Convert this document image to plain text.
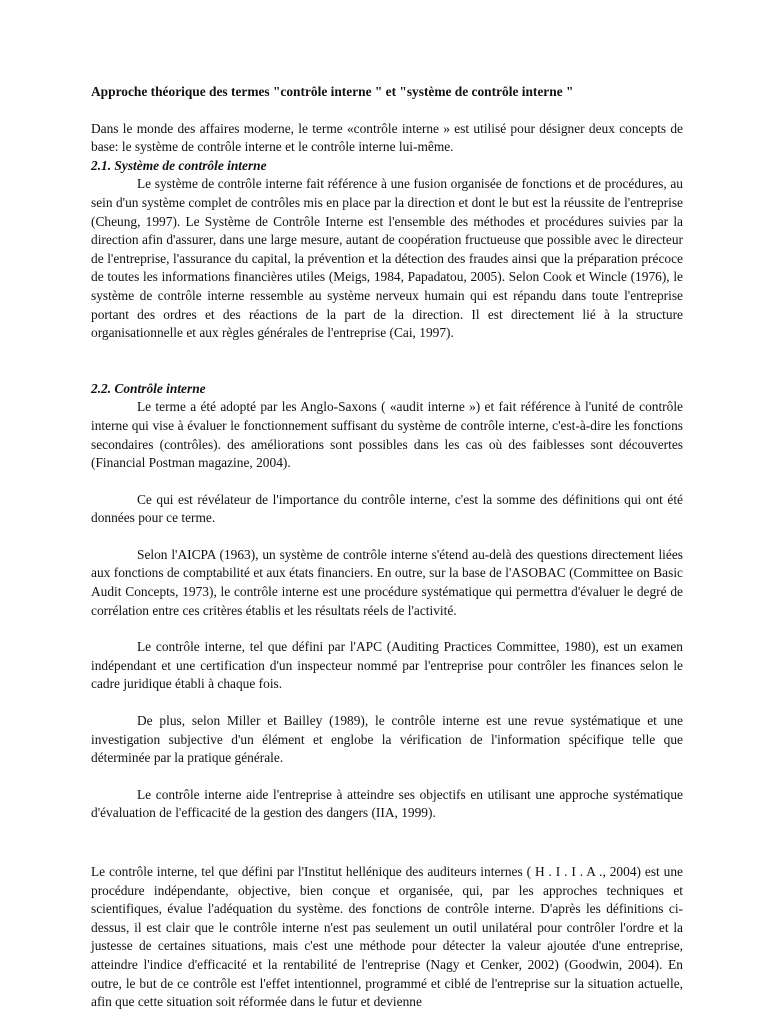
Approche théorique des termes "contrôle interne " et "système de contrôle interne "

Dans le monde des affaires moderne, le terme «contrôle interne » est utilisé pour désigner deux concepts de base: le système de contrôle interne et le contrôle interne lui-même.

2.1. Système de contrôle interne

Le système de contrôle interne fait référence à une fusion organisée de fonctions et de procédures, au sein d'un système complet de contrôles mis en place par la direction et dont le but est la réussite de l'entreprise (Cheung, 1997). Le Système de Contrôle Interne est l'ensemble des méthodes et procédures suivies par la direction afin d'assurer, dans une large mesure, autant de coopération fructueuse que possible avec le directeur de l'entreprise, l'assurance du capital, la prévention et la détection des fraudes ainsi que la préparation précoce de toutes les informations financières utiles (Meigs, 1984, Papadatou, 2005). Selon Cook et Wincle (1976), le système de contrôle interne ressemble au système nerveux humain qui est répandu dans toute l'entreprise portant des ordres et des réactions de la part de la direction. Il est directement lié à la structure organisationnelle et aux règles générales de l'entreprise (Cai, 1997).

2.2. Contrôle interne

Le terme a été adopté par les Anglo-Saxons ( «audit interne ») et fait référence à l'unité de contrôle interne qui vise à évaluer le fonctionnement suffisant du système de contrôle interne, c'est-à-dire les fonctions secondaires (contrôles). des améliorations sont possibles dans les cas où des faiblesses sont découvertes (Financial Postman magazine, 2004).

Ce qui est révélateur de l'importance du contrôle interne, c'est la somme des définitions qui ont été données pour ce terme.

Selon l'AICPA (1963), un système de contrôle interne s'étend au-delà des questions directement liées aux fonctions de comptabilité et aux états financiers. En outre, sur la base de l'ASOBAC (Committee on Basic Audit Concepts, 1973), le contrôle interne est une procédure systématique qui permettra d'évaluer le degré de corrélation entre ces critères établis et les résultats réels de l'activité.

Le contrôle interne, tel que défini par l'APC (Auditing Practices Committee, 1980), est un examen indépendant et une certification d'un inspecteur nommé par l'entreprise pour contrôler les finances selon le cadre juridique établi à chaque fois.

De plus, selon Miller et Bailley (1989), le contrôle interne est une revue systématique et une investigation subjective d'un élément et englobe la vérification de l'information spécifique telle que déterminée par la pratique générale.

Le contrôle interne aide l'entreprise à atteindre ses objectifs en utilisant une approche systématique d'évaluation de l'efficacité de la gestion des dangers (IIA, 1999).

Le contrôle interne, tel que défini par l'Institut hellénique des auditeurs internes ( Η . Ι . Ι . Α ., 2004) est une procédure indépendante, objective, bien conçue et organisée, qui, par les approches techniques et scientifiques, évalue l'adéquation du système. des fonctions de contrôle interne. D'après les définitions ci-dessus, il est clair que le contrôle interne n'est pas seulement un outil unilatéral pour contrôler l'ordre et la justesse de certaines situations, mais c'est une méthode pour détecter la valeur ajoutée d'une entreprise, atteindre l'indice d'efficacité et la rentabilité de l'entreprise (Nagy et Cenker, 2002) (Goodwin, 2004). En outre, le but de ce contrôle est l'effet intentionnel, programmé et ciblé de l'entreprise sur la situation actuelle, afin que cette situation soit réformée dans le futur et devienne
